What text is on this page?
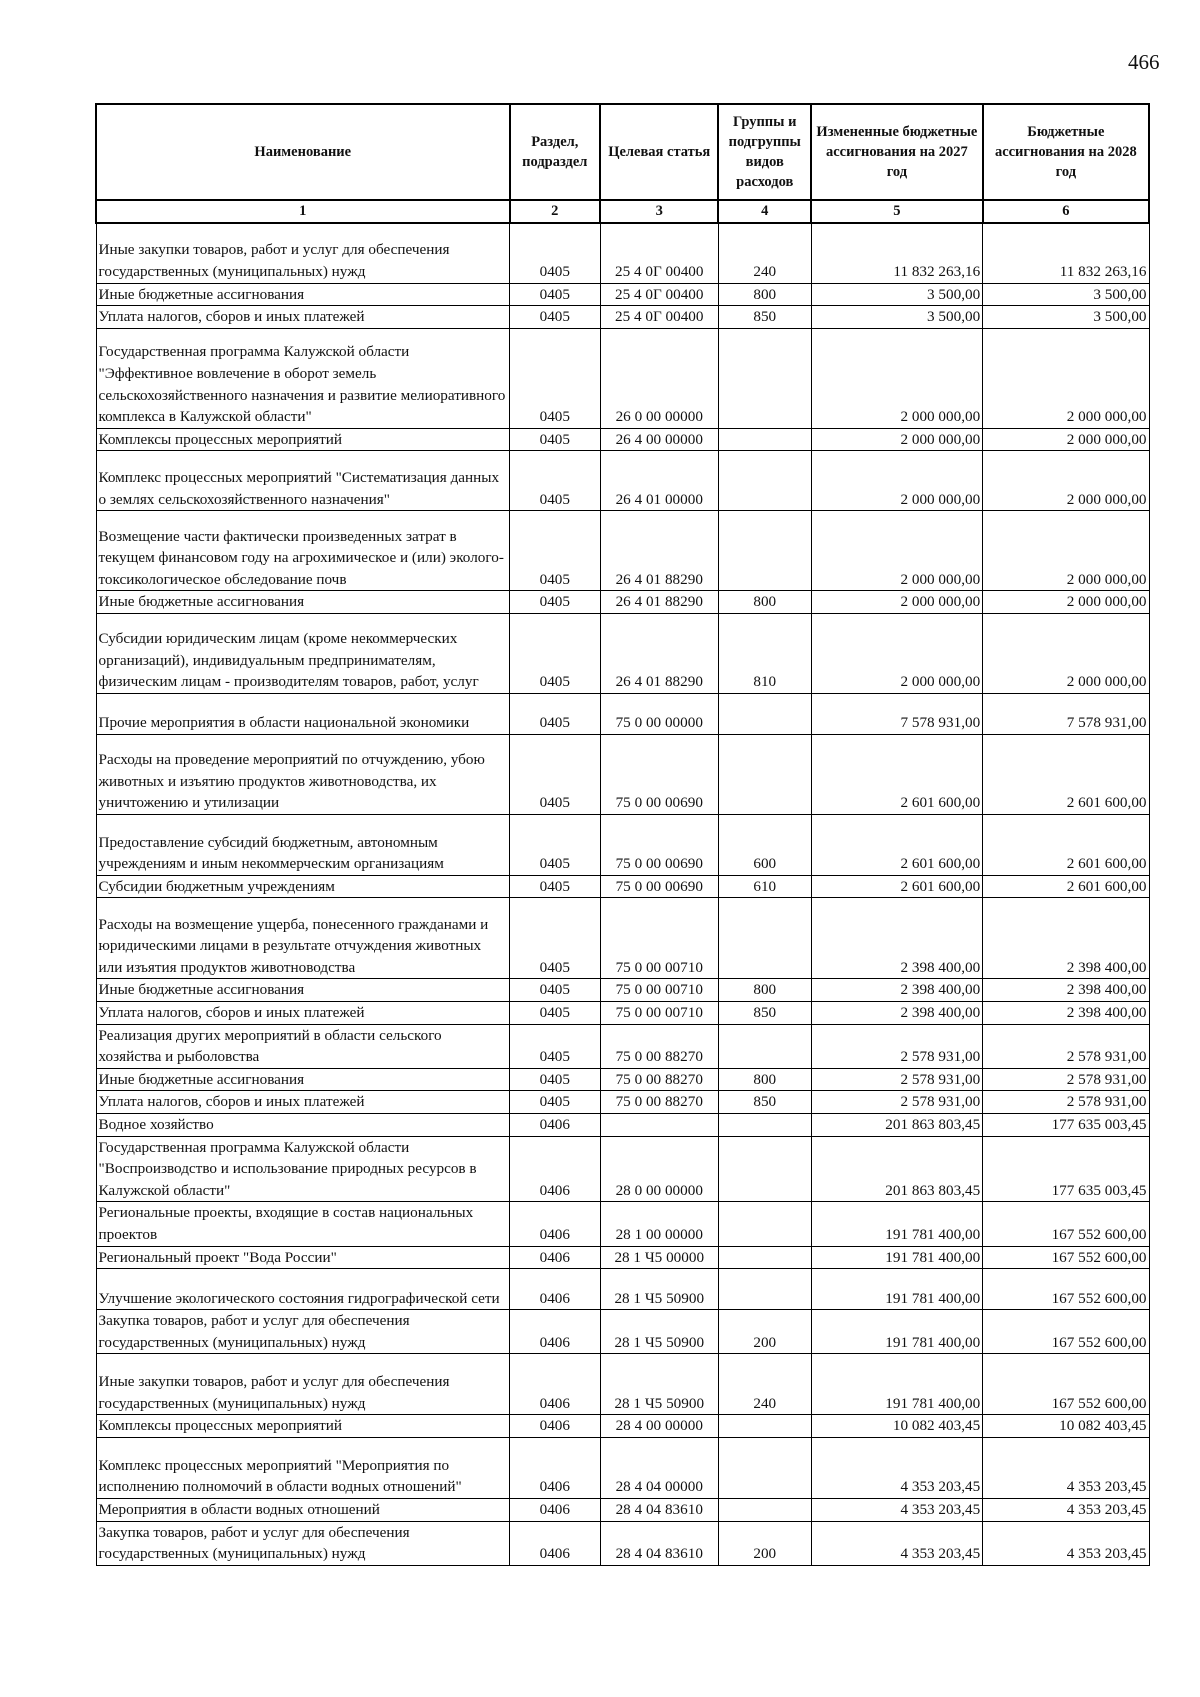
466
Наименование	Раздел, подраздел	Целевая статья	Группы и подгруппы видов расходов	Измененные бюджетные ассигнования на 2027 год	Бюджетные ассигнования на 2028 год
1	2	3	4	5	6
Иные закупки товаров, работ и услуг для обеспечения государственных (муниципальных) нужд	0405	25 4 0Г 00400	240	11 832 263,16	11 832 263,16
Иные бюджетные ассигнования	0405	25 4 0Г 00400	800	3 500,00	3 500,00
Уплата налогов, сборов и иных платежей	0405	25 4 0Г 00400	850	3 500,00	3 500,00
Государственная программа Калужской области "Эффективное вовлечение в оборот земель сельскохозяйственного назначения и развитие мелиоративного комплекса в Калужской области"	0405	26 0 00 00000		2 000 000,00	2 000 000,00
Комплексы процессных мероприятий	0405	26 4 00 00000		2 000 000,00	2 000 000,00
Комплекс процессных мероприятий "Систематизация данных о землях сельскохозяйственного назначения"	0405	26 4 01 00000		2 000 000,00	2 000 000,00
Возмещение части фактически произведенных затрат в текущем финансовом году на агрохимическое и (или) эколого-токсикологическое обследование почв	0405	26 4 01 88290		2 000 000,00	2 000 000,00
Иные бюджетные ассигнования	0405	26 4 01 88290	800	2 000 000,00	2 000 000,00
Субсидии юридическим лицам (кроме некоммерческих организаций), индивидуальным предпринимателям, физическим лицам - производителям товаров, работ, услуг	0405	26 4 01 88290	810	2 000 000,00	2 000 000,00
Прочие мероприятия в области национальной экономики	0405	75 0 00 00000		7 578 931,00	7 578 931,00
Расходы на проведение мероприятий по отчуждению, убою животных и изъятию продуктов животноводства, их уничтожению и утилизации	0405	75 0 00 00690		2 601 600,00	2 601 600,00
Предоставление субсидий бюджетным, автономным учреждениям и иным некоммерческим организациям	0405	75 0 00 00690	600	2 601 600,00	2 601 600,00
Субсидии бюджетным учреждениям	0405	75 0 00 00690	610	2 601 600,00	2 601 600,00
Расходы на возмещение ущерба, понесенного гражданами и юридическими лицами в результате отчуждения животных или изъятия продуктов животноводства	0405	75 0 00 00710		2 398 400,00	2 398 400,00
Иные бюджетные ассигнования	0405	75 0 00 00710	800	2 398 400,00	2 398 400,00
Уплата налогов, сборов и иных платежей	0405	75 0 00 00710	850	2 398 400,00	2 398 400,00
Реализация других мероприятий в области сельского хозяйства и рыболовства	0405	75 0 00 88270		2 578 931,00	2 578 931,00
Иные бюджетные ассигнования	0405	75 0 00 88270	800	2 578 931,00	2 578 931,00
Уплата налогов, сборов и иных платежей	0405	75 0 00 88270	850	2 578 931,00	2 578 931,00
Водное хозяйство	0406			201 863 803,45	177 635 003,45
Государственная программа Калужской области "Воспроизводство и использование природных ресурсов в Калужской области"	0406	28 0 00 00000		201 863 803,45	177 635 003,45
Региональные проекты, входящие в состав национальных проектов	0406	28 1 00 00000		191 781 400,00	167 552 600,00
Региональный проект "Вода России"	0406	28 1 Ч5 00000		191 781 400,00	167 552 600,00
Улучшение экологического состояния гидрографической сети	0406	28 1 Ч5 50900		191 781 400,00	167 552 600,00
Закупка товаров, работ и услуг для обеспечения государственных (муниципальных) нужд	0406	28 1 Ч5 50900	200	191 781 400,00	167 552 600,00
Иные закупки товаров, работ и услуг для обеспечения государственных (муниципальных) нужд	0406	28 1 Ч5 50900	240	191 781 400,00	167 552 600,00
Комплексы процессных мероприятий	0406	28 4 00 00000		10 082 403,45	10 082 403,45
Комплекс процессных мероприятий "Мероприятия по исполнению полномочий в области водных отношений"	0406	28 4 04 00000		4 353 203,45	4 353 203,45
Мероприятия в области водных отношений	0406	28 4 04 83610		4 353 203,45	4 353 203,45
Закупка товаров, работ и услуг для обеспечения государственных (муниципальных) нужд	0406	28 4 04 83610	200	4 353 203,45	4 353 203,45
